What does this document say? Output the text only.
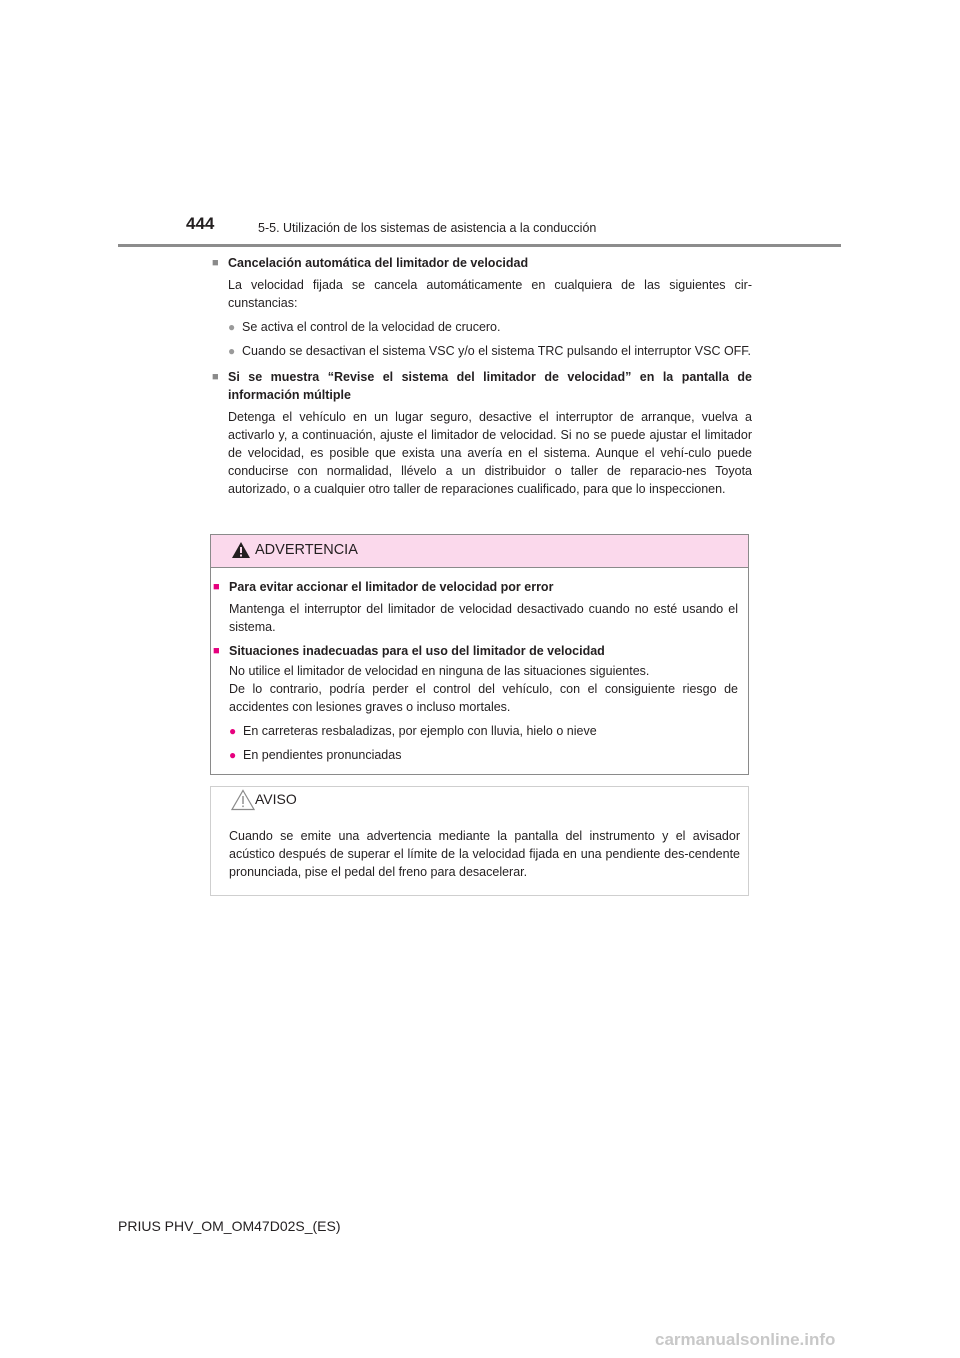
444	5-5. Utilización de los sistemas de asistencia a la conducción
■ Cancelación automática del limitador de velocidad
La velocidad fijada se cancela automáticamente en cualquiera de las siguientes cir-cunstancias:
● Se activa el control de la velocidad de crucero.
● Cuando se desactivan el sistema VSC y/o el sistema TRC pulsando el interruptor VSC OFF.
■ Si se muestra “Revise el sistema del limitador de velocidad” en la pantalla de información múltiple
Detenga el vehículo en un lugar seguro, desactive el interruptor de arranque, vuelva a activarlo y, a continuación, ajuste el limitador de velocidad. Si no se puede ajustar el limitador de velocidad, es posible que exista una avería en el sistema. Aunque el vehí-culo puede conducirse con normalidad, llévelo a un distribuidor o taller de reparacio-nes Toyota autorizado, o a cualquier otro taller de reparaciones cualificado, para que lo inspeccionen.
ADVERTENCIA
■ Para evitar accionar el limitador de velocidad por error
Mantenga el interruptor del limitador de velocidad desactivado cuando no esté usando el sistema.
■ Situaciones inadecuadas para el uso del limitador de velocidad
No utilice el limitador de velocidad en ninguna de las situaciones siguientes.
De lo contrario, podría perder el control del vehículo, con el consiguiente riesgo de accidentes con lesiones graves o incluso mortales.
● En carreteras resbaladizas, por ejemplo con lluvia, hielo o nieve
● En pendientes pronunciadas
AVISO
Cuando se emite una advertencia mediante la pantalla del instrumento y el avisador acústico después de superar el límite de la velocidad fijada en una pendiente des-cendente pronunciada, pise el pedal del freno para desacelerar.
PRIUS PHV_OM_OM47D02S_(ES)
carmanualsonline.info
